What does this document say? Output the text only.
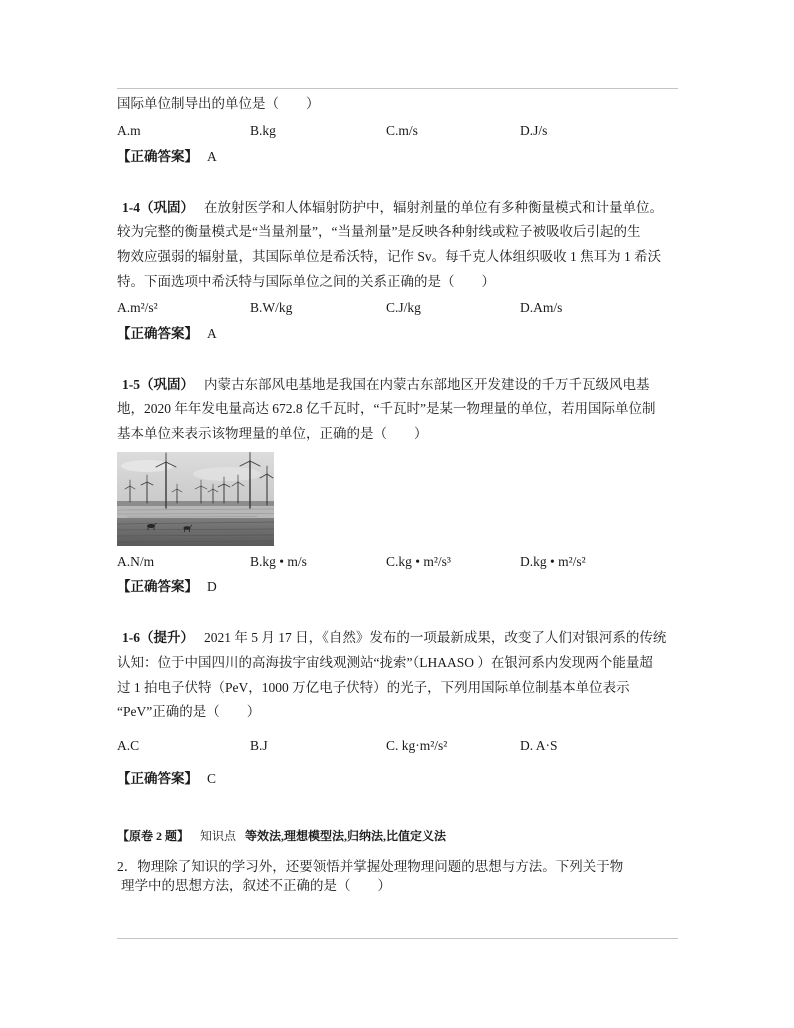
国际单位制导出的单位是（　　）
A.m	B.kg	C.m/s	D.J/s
【正确答案】 A
1-4（巩固） 在放射医学和人体辐射防护中，辐射剂量的单位有多种衡量模式和计量单位。
较为完整的衡量模式是“当量剂量”，“当量剂量”是反映各种射线或粒子被吸收后引起的生
物效应强弱的辐射量，其国际单位是希沃特，记作 Sv。每千克人体组织吸收 1 焦耳为 1 希沃
特。下面选项中希沃特与国际单位之间的关系正确的是（　　）
A.m²/s²	B.W/kg	C.J/kg	D.Am/s
【正确答案】 A
1-5（巩固） 内蒙古东部风电基地是我国在内蒙古东部地区开发建设的千万千瓦级风电基
地，2020 年年发电量高达 672.8 亿千瓦时，“千瓦时”是某一物理量的单位，若用国际单位制
基本单位来表示该物理量的单位，正确的是（　　）
A.N/m	B.kg • m/s	C.kg • m²/s³	D.kg • m²/s²
【正确答案】 D
1-6（提升） 2021 年 5 月 17 日，《自然》发布的一项最新成果，改变了人们对银河系的传统
认知：位于中国四川的高海拔宇宙线观测站“拢索”（LHAASO ）在银河系内发现两个能量超
过 1 拍电子伏特（PeV，1000 万亿电子伏特）的光子，下列用国际单位制基本单位表示
“PeV”正确的是（　　）
A.C	B.J	C. kg·m²/s²	D. A·S
【正确答案】 C
【原卷 2 题】 知识点 等效法,理想模型法,归纳法,比值定义法
2．物理除了知识的学习外，还要领悟并掌握处理物理问题的思想与方法。下列关于物
理学中的思想方法，叙述不正确的是（　　）
